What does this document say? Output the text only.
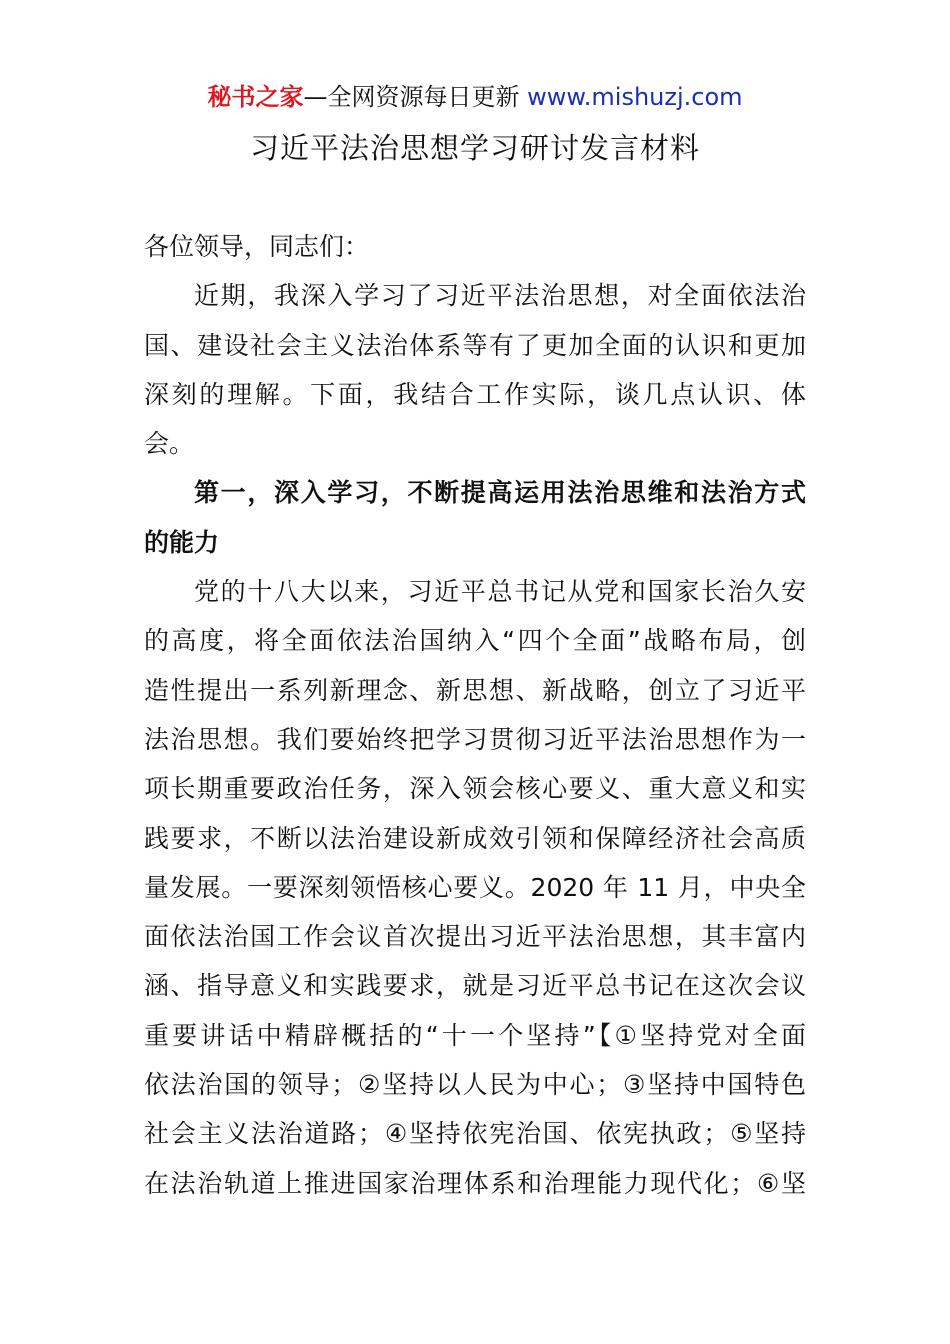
秘书之家—全网资源每日更新 www.mishuzj.com
习近平法治思想学习研讨发言材料
各位领导，同志们：
近期，我深入学习了习近平法治思想，对全面依法治
国、建设社会主义法治体系等有了更加全面的认识和更加
深刻的理解。下面，我结合工作实际，谈几点认识、体
会。
第一，深入学习，不断提高运用法治思维和法治方式
的能力
党的十八大以来，习近平总书记从党和国家长治久安
的高度，将全面依法治国纳入“四个全面”战略布局，创
造性提出一系列新理念、新思想、新战略，创立了习近平
法治思想。我们要始终把学习贯彻习近平法治思想作为一
项长期重要政治任务，深入领会核心要义、重大意义和实
践要求，不断以法治建设新成效引领和保障经济社会高质
量发展。一要深刻领悟核心要义。2020 年 11 月，中央全
面依法治国工作会议首次提出习近平法治思想，其丰富内
涵、指导意义和实践要求，就是习近平总书记在这次会议
重要讲话中精辟概括的“十一个坚持”【①坚持党对全面
依法治国的领导；②坚持以人民为中心；③坚持中国特色
社会主义法治道路；④坚持依宪治国、依宪执政；⑤坚持
在法治轨道上推进国家治理体系和治理能力现代化；⑥坚
